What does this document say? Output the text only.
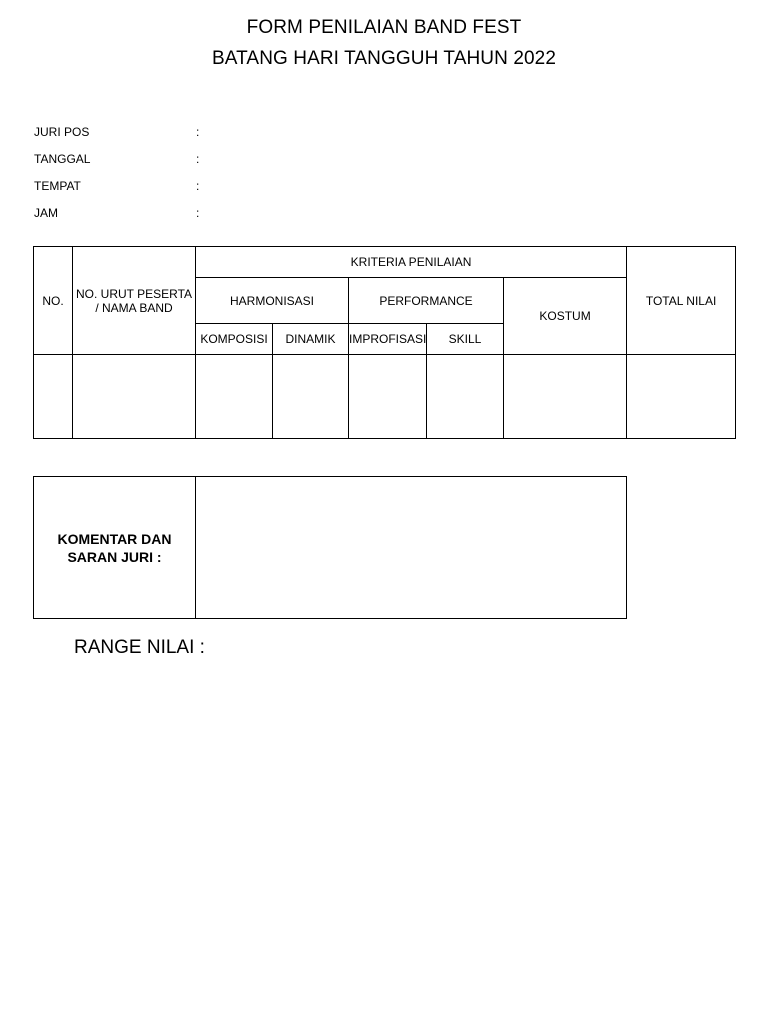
FORM PENILAIAN BAND FEST
BATANG HARI TANGGUH TAHUN 2022
JURI POS	:
TANGGAL	:
TEMPAT	:
JAM	:
NO.	NO. URUT PESERTA / NAMA BAND	KRITERIA PENILAIAN					TOTAL NILAI
		HARMONISASI		PERFORMANCE		KOSTUM	
		KOMPOSISI	DINAMIK	IMPROFISASI	SKILL		

KOMENTAR DAN SARAN JURI :
RANGE NILAI :
